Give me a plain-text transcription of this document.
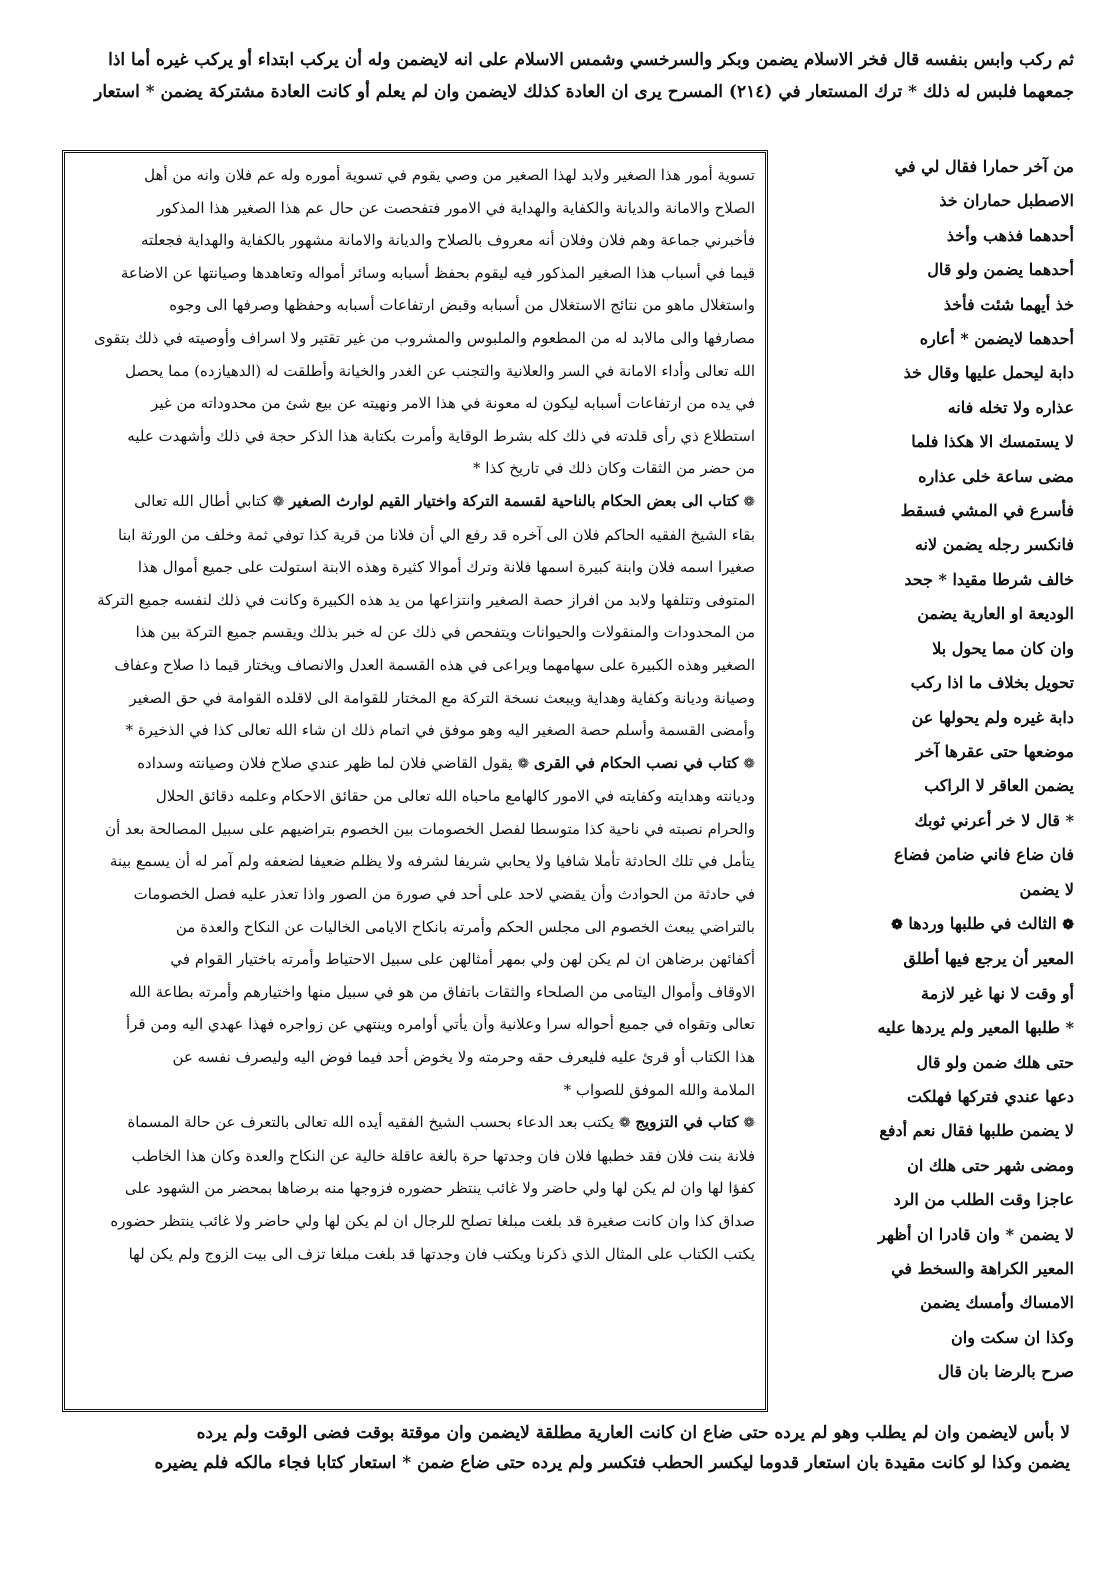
ثم ركب وابس بنفسه قال فخر الاسلام يضمن وبكر والسرخسي وشمس الاسلام على انه لايضمن وله أن يركب ابتداء أو يركب غيره أما اذا
جمعهما فلبس له ذلك * ترك المستعار في (٢١٤) المسرح يرى ان العادة كذلك لايضمن وان لم يعلم أو كانت العادة مشتركة يضمن * استعار

تسوية أمور هذا الصغير ولابد لهذا الصغير من وصي يقوم في تسوية أموره وله عم فلان وانه من أهل
الصلاح والامانة والديانة والكفاية والهداية في الامور فتفحصت عن حال عم هذا الصغير هذا المذكور
فأخبرني جماعة وهم فلان وفلان أنه معروف بالصلاح والديانة والامانة مشهور بالكفاية والهداية فجعلته
قيما في أسباب هذا الصغير المذكور فيه ليقوم بحفظ أسبابه وسائر أمواله وتعاهدها وصيانتها عن الاضاعة
واستغلال ماهو من نتائج الاستغلال من أسبابه وقبض ارتفاعات أسبابه وحفظها وصرفها الى وجوه
مصارفها والى مالابد له من المطعوم والملبوس والمشروب من غير تقتير ولا اسراف وأوصيته في ذلك بتقوى
الله تعالى وأداء الامانة في السر والعلانية والتجنب عن الغدر والخيانة وأطلقت له (الدهيازده) مما يحصل
في يده من ارتفاعات أسبابه ليكون له معونة في هذا الامر ونهيته عن بيع شئ من محدوداته من غير
استطلاع ذي رأى قلدته في ذلك كله بشرط الوقاية وأمرت بكتابة هذا الذكر حجة في ذلك وأشهدت عليه
من حضر من الثقات وكان ذلك في تاريخ كذا *

❁ كتاب الى بعض الحكام بالناحية لقسمة التركة واختيار القيم لوارث الصغير ❁ كتابي أطال الله تعالى
بقاء الشيخ الفقيه الحاكم فلان الى آخره قد رفع الي أن فلانا من قرية كذا توفي ثمة وخلف من الورثة ابنا
صغيرا اسمه فلان وابنة كبيرة اسمها فلانة وترك أموالا كثيرة وهذه الابنة استولت على جميع أموال هذا
المتوفى وتتلفها ولابد من افراز حصة الصغير وانتزاعها من يد هذه الكبيرة وكانت في ذلك لنفسه جميع التركة
من المحدودات والمنقولات والحيوانات ويتفحص في ذلك عن له خبر بذلك ويقسم جميع التركة بين هذا
الصغير وهذه الكبيرة على سهامهما ويراعى في هذه القسمة العدل والانصاف ويختار قيما ذا صلاح وعفاف
وصيانة وديانة وكفاية وهداية ويبعث نسخة التركة مع المختار للقوامة الى لاقلده القوامة في حق الصغير
وأمضى القسمة وأسلم حصة الصغير اليه وهو موفق في اتمام ذلك ان شاء الله تعالى كذا في الذخيرة *

❁ كتاب في نصب الحكام في القرى ❁ يقول القاضي فلان لما ظهر عندي صلاح فلان وصيانته وسداده
وديانته وهدايته وكفايته في الامور كالهامع ماحباه الله تعالى من حقائق الاحكام وعلمه دقائق الحلال
والحرام نصبته في ناحية كذا متوسطا لفصل الخصومات بين الخصوم بتراضيهم على سبيل المصالحة بعد أن
يتأمل في تلك الحادثة تأملا شافيا ولا يحابي شريفا لشرفه ولا يظلم ضعيفا لضعفه ولم آمر له أن يسمع بينة
في حادثة من الحوادث وأن يقضي لاحد على أحد في صورة من الصور واذا تعذر عليه فصل الخصومات
بالتراضي يبعث الخصوم الى مجلس الحكم وأمرته بانكاح الايامى الخاليات عن النكاح والعدة من
أكفائهن برضاهن ان لم يكن لهن ولي بمهر أمثالهن على سبيل الاحتياط وأمرته باختيار القوام في
الاوقاف وأموال اليتامى من الصلحاء والثقات باتفاق من هو في سبيل منها واختيارهم وأمرته بطاعة الله
تعالى وتقواه في جميع أحواله سرا وعلانية وأن يأتي أوامره وينتهي عن زواجره فهذا عهدي اليه ومن قرأ
هذا الكتاب أو قرئ عليه فليعرف حقه وحرمته ولا يخوض أحد فيما فوض اليه وليصرف نفسه عن
الملامة والله الموفق للصواب *

❁ كتاب في التزويج ❁ يكتب بعد الدعاء بحسب الشيخ الفقيه أيده الله تعالى بالتعرف عن حالة المسماة
فلانة بنت فلان فقد خطبها فلان فان وجدتها حرة بالغة عاقلة خالية عن النكاح والعدة وكان هذا الخاطب
كفؤا لها وان لم يكن لها ولي حاضر ولا غائب ينتظر حضوره فزوجها منه برضاها بمحضر من الشهود على
صداق كذا وان كانت صغيرة قد بلغت مبلغا تصلح للرجال ان لم يكن لها ولي حاضر ولا غائب ينتظر حضوره
يكتب الكتاب على المثال الذي ذكرنا ويكتب فان وجدتها قد بلغت مبلغا تزف الى بيت الزوج ولم يكن لها

من آخر حمارا فقال لي في
الاصطبل حماران خذ
أحدهما فذهب وأخذ
أحدهما يضمن ولو قال
خذ أيهما شئت فأخذ
أحدهما لايضمن * أعاره
دابة ليحمل عليها وقال خذ
عذاره ولا تخله فانه
لا يستمسك الا هكذا فلما
مضى ساعة خلى عذاره
فأسرع في المشي فسقط
فانكسر رجله يضمن لانه
خالف شرطا مقيدا * جحد
الوديعة او العارية يضمن
وان كان مما يحول بلا
تحويل بخلاف ما اذا ركب
دابة غيره ولم يحولها عن
موضعها حتى عقرها آخر
يضمن العاقر لا الراكب
* قال لا خر أعرني ثوبك
فان ضاع فاني ضامن فضاع
لا يضمن
❁ الثالث في طلبها وردها ❁
المعير أن يرجع فيها أطلق
أو وقت لا نها غير لازمة
* طلبها المعير ولم يردها عليه
حتى هلك ضمن ولو قال
دعها عندي فتركها فهلكت
لا يضمن طلبها فقال نعم أدفع
ومضى شهر حتى هلك ان
عاجزا وقت الطلب من الرد
لا يضمن * وان قادرا ان أظهر
المعير الكراهة والسخط في
الامساك وأمسك يضمن
وكذا ان سكت وان
صرح بالرضا بان قال
لا بأس لايضمن وان لم يطلب وهو لم يرده حتى ضاع ان كانت العارية مطلقة لايضمن وان موقتة بوقت فضى الوقت ولم يرده
يضمن وكذا لو كانت مقيدة بان استعار قدوما ليكسر الحطب فتكسر ولم يرده حتى ضاع ضمن * استعار كتابا فجاء مالكه فلم يضيره
